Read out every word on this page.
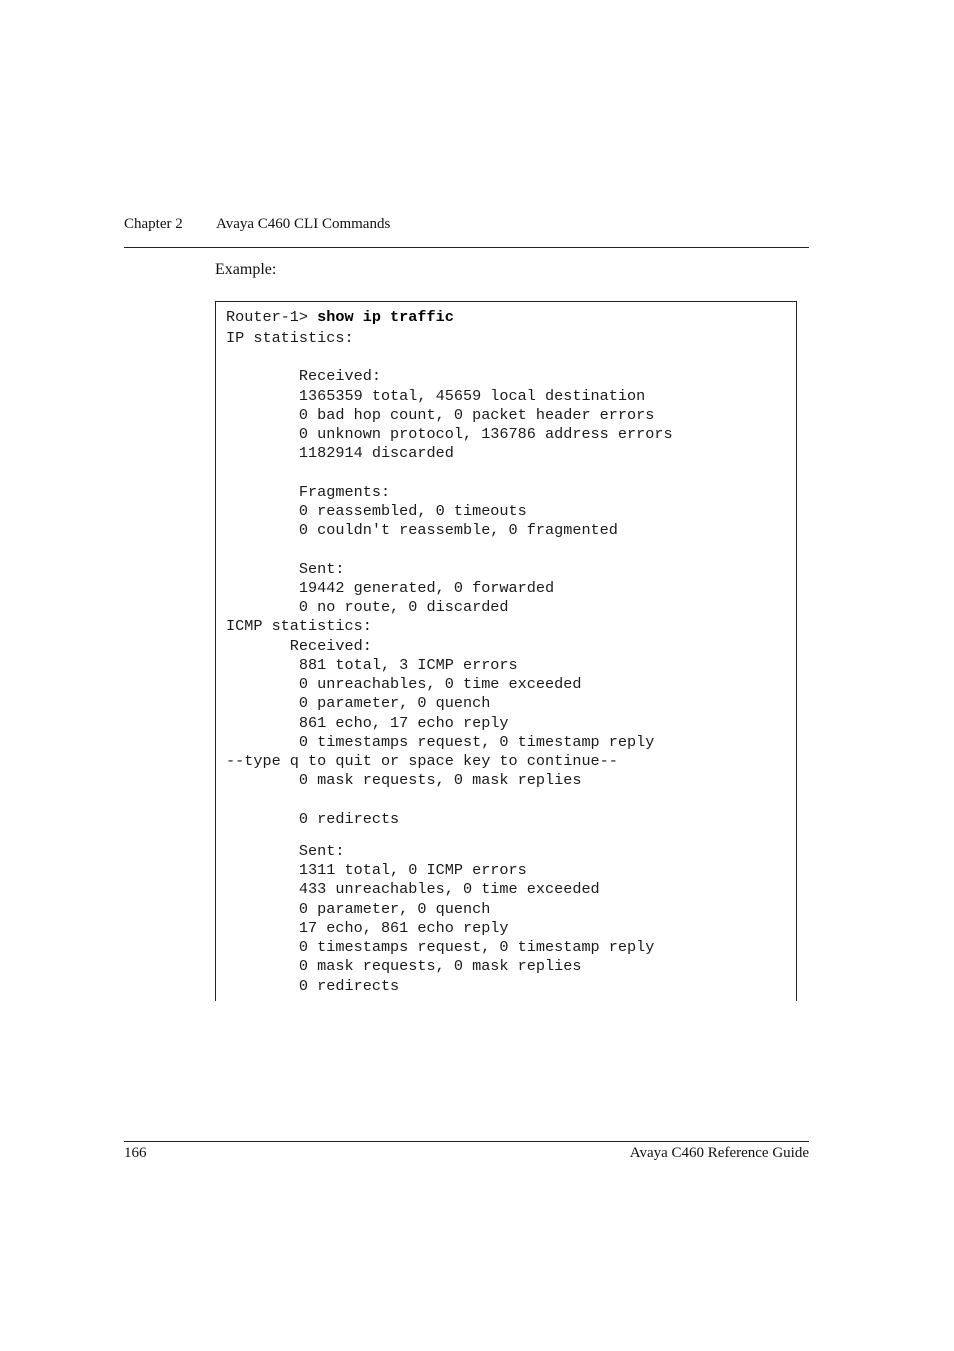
Chapter 2 Avaya C460 CLI Commands
Example:
Router-1> show ip traffic
IP statistics:
Received:
1365359 total, 45659 local destination
0 bad hop count, 0 packet header errors
0 unknown protocol, 136786 address errors
1182914 discarded
Fragments:
0 reassembled, 0 timeouts
0 couldn't reassemble, 0 fragmented
Sent:
19442 generated, 0 forwarded
0 no route, 0 discarded
ICMP statistics:
Received:
881 total, 3 ICMP errors
0 unreachables, 0 time exceeded
0 parameter, 0 quench
861 echo, 17 echo reply
0 timestamps request, 0 timestamp reply
--type q to quit or space key to continue--
0 mask requests, 0 mask replies
0 redirects
Sent:
1311 total, 0 ICMP errors
433 unreachables, 0 time exceeded
0 parameter, 0 quench
17 echo, 861 echo reply
0 timestamps request, 0 timestamp reply
0 mask requests, 0 mask replies
0 redirects
166	Avaya C460 Reference Guide
